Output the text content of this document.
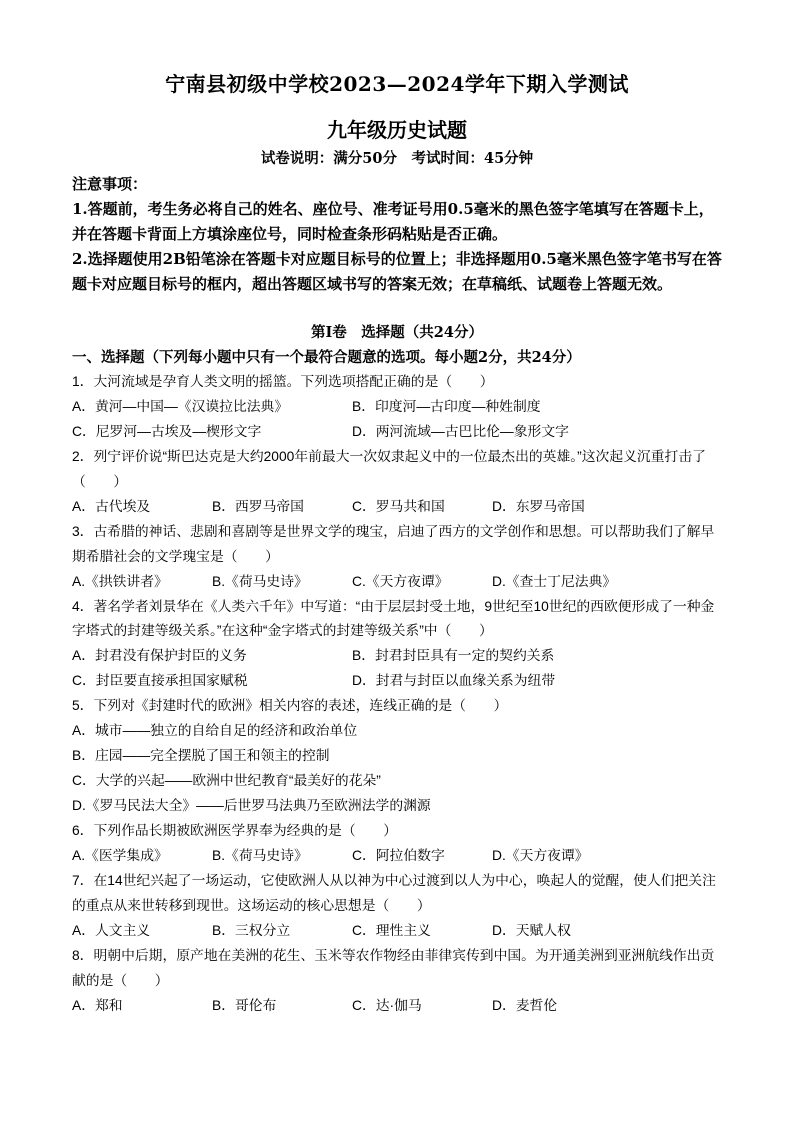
宁南县初级中学校2023—2024学年下期入学测试
九年级历史试题
试卷说明：满分50分　考试时间：45分钟

注意事项：

1.答题前，考生务必将自己的姓名、座位号、准考证号用0.5毫米的黑色签字笔填写在答题卡上，并在答题卡背面上方填涂座位号，同时检查条形码粘贴是否正确。

2.选择题使用2B铅笔涂在答题卡对应题目标号的位置上；非选择题用0.5毫米黑色签字笔书写在答题卡对应题目标号的框内，超出答题区域书写的答案无效；在草稿纸、试题卷上答题无效。

第Ⅰ卷　选择题（共24分）
一、选择题（下列每小题中只有一个最符合题意的选项。每小题2分，共24分）
1．大河流域是孕育人类文明的摇篮。下列选项搭配正确的是（　　）
A．黄河—中国—《汉谟拉比法典》	B．印度河—古印度—种姓制度
C．尼罗河—古埃及—楔形文字	D．两河流域—古巴比伦—象形文字
2．列宁评价说“斯巴达克是大约2000年前最大一次奴隶起义中的一位最杰出的英雄。”这次起义沉重打击了（　　）
A．古代埃及	B．西罗马帝国	C．罗马共和国	D．东罗马帝国
3．古希腊的神话、悲剧和喜剧等是世界文学的瑰宝，启迪了西方的文学创作和思想。可以帮助我们了解早期希腊社会的文学瑰宝是（　　）
A.《拱铁讲者》	B.《荷马史诗》	C.《天方夜谭》	D.《查士丁尼法典》
4．著名学者刘景华在《人类六千年》中写道：“由于层层封受土地，9世纪至10世纪的西欧便形成了一种金字塔式的封建等级关系。”在这种“金字塔式的封建等级关系”中（　　）
A．封君没有保护封臣的义务	B．封君封臣具有一定的契约关系
C．封臣要直接承担国家赋税	D．封君与封臣以血缘关系为纽带
5．下列对《封建时代的欧洲》相关内容的表述，连线正确的是（　　）
A．城市——独立的自给自足的经济和政治单位
B．庄园——完全摆脱了国王和领主的控制
C．大学的兴起——欧洲中世纪教育“最美好的花朵”
D.《罗马民法大全》——后世罗马法典乃至欧洲法学的渊源
6．下列作品长期被欧洲医学界奉为经典的是（　　）
A.《医学集成》	B.《荷马史诗》	C．阿拉伯数字	D.《天方夜谭》
7．在14世纪兴起了一场运动，它使欧洲人从以神为中心过渡到以人为中心，唤起人的觉醒，使人们把关注的重点从来世转移到现世。这场运动的核心思想是（　　）
A．人文主义	B．三权分立	C．理性主义	D．天赋人权
8．明朝中后期，原产地在美洲的花生、玉米等农作物经由菲律宾传到中国。为开通美洲到亚洲航线作出贡献的是（　　）
A．郑和	B．哥伦布	C．达·伽马	D．麦哲伦
